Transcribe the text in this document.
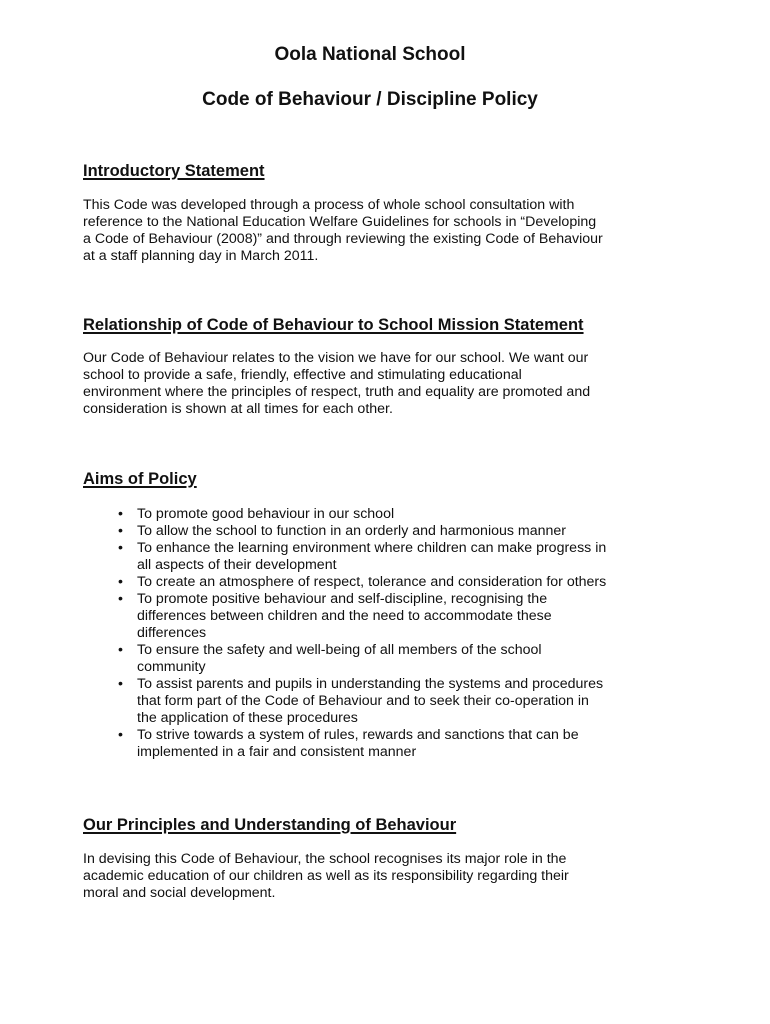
Oola National School
Code of Behaviour / Discipline Policy
Introductory Statement

This Code was developed through a process of whole school consultation with
reference to the National Education Welfare Guidelines for schools in “Developing
a Code of Behaviour (2008)” and through reviewing the existing Code of Behaviour
at a staff planning day in March 2011.

Relationship of Code of Behaviour to School Mission Statement

Our Code of Behaviour relates to the vision we have for our school. We want our
school to provide a safe, friendly, effective and stimulating educational
environment where the principles of respect, truth and equality are promoted and
consideration is shown at all times for each other.

Aims of Policy
• To promote good behaviour in our school
• To allow the school to function in an orderly and harmonious manner
• To enhance the learning environment where children can make progress in
all aspects of their development
• To create an atmosphere of respect, tolerance and consideration for others
• To promote positive behaviour and self-discipline, recognising the
differences between children and the need to accommodate these
differences
• To ensure the safety and well-being of all members of the school
community
• To assist parents and pupils in understanding the systems and procedures
that form part of the Code of Behaviour and to seek their co-operation in
the application of these procedures
• To strive towards a system of rules, rewards and sanctions that can be
implemented in a fair and consistent manner
Our Principles and Understanding of Behaviour

In devising this Code of Behaviour, the school recognises its major role in the
academic education of our children as well as its responsibility regarding their
moral and social development.
